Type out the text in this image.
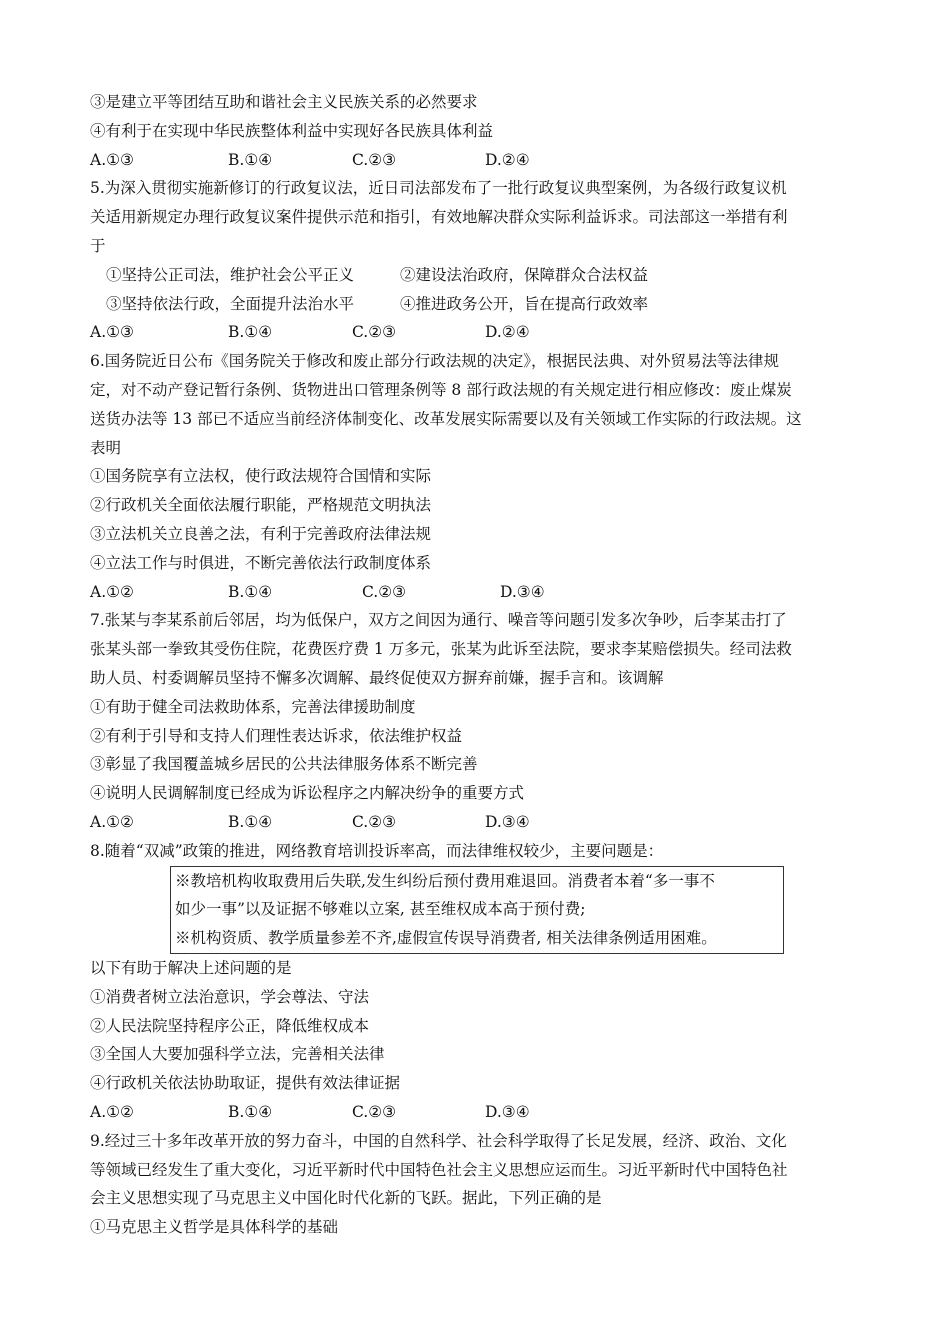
③是建立平等团结互助和谐社会主义民族关系的必然要求
④有利于在实现中华民族整体利益中实现好各民族具体利益
A.①③	B.①④	C.②③	D.②④
5.为深入贯彻实施新修订的行政复议法，近日司法部发布了一批行政复议典型案例，为各级行政复议机
关适用新规定办理行政复议案件提供示范和指引，有效地解决群众实际利益诉求。司法部这一举措有利
于
①坚持公正司法，维护社会公平正义	②建设法治政府，保障群众合法权益
③坚持依法行政，全面提升法治水平	④推进政务公开，旨在提高行政效率
A.①③	B.①④	C.②③	D.②④
6.国务院近日公布《国务院关于修改和废止部分行政法规的决定》，根据民法典、对外贸易法等法律规
定，对不动产登记暂行条例、货物进出口管理条例等 8 部行政法规的有关规定进行相应修改：废止煤炭
送货办法等 13 部已不适应当前经济体制变化、改革发展实际需要以及有关领域工作实际的行政法规。这
表明
①国务院享有立法权，使行政法规符合国情和实际
②行政机关全面依法履行职能，严格规范文明执法
③立法机关立良善之法，有利于完善政府法律法规
④立法工作与时俱进，不断完善依法行政制度体系
A.①②	B.①④	C.②③	D.③④
7.张某与李某系前后邻居，均为低保户，双方之间因为通行、噪音等问题引发多次争吵，后李某击打了
张某头部一拳致其受伤住院，花费医疗费 1 万多元，张某为此诉至法院，要求李某赔偿损失。经司法救
助人员、村委调解员坚持不懈多次调解、最终促使双方摒弃前嫌，握手言和。该调解
①有助于健全司法救助体系，完善法律援助制度
②有利于引导和支持人们理性表达诉求，依法维护权益
③彰显了我国覆盖城乡居民的公共法律服务体系不断完善
④说明人民调解制度已经成为诉讼程序之内解决纷争的重要方式
A.①②	B.①④	C.②③	D.③④
8.随着“双减”政策的推进，网络教育培训投诉率高，而法律维权较少，主要问题是：
※教培机构收取费用后失联,发生纠纷后预付费用难退回。消费者本着“多一事不
如少一事”以及证据不够难以立案, 甚至维权成本高于预付费;
※机构资质、教学质量参差不齐,虚假宣传误导消费者, 相关法律条例适用困难。
以下有助于解决上述问题的是
①消费者树立法治意识，学会尊法、守法
②人民法院坚持程序公正，降低维权成本
③全国人大要加强科学立法，完善相关法律
④行政机关依法协助取证，提供有效法律证据
A.①②	B.①④	C.②③	D.③④
9.经过三十多年改革开放的努力奋斗，中国的自然科学、社会科学取得了长足发展，经济、政治、文化
等领域已经发生了重大变化，习近平新时代中国特色社会主义思想应运而生。习近平新时代中国特色社
会主义思想实现了马克思主义中国化时代化新的飞跃。据此，下列正确的是
①马克思主义哲学是具体科学的基础
